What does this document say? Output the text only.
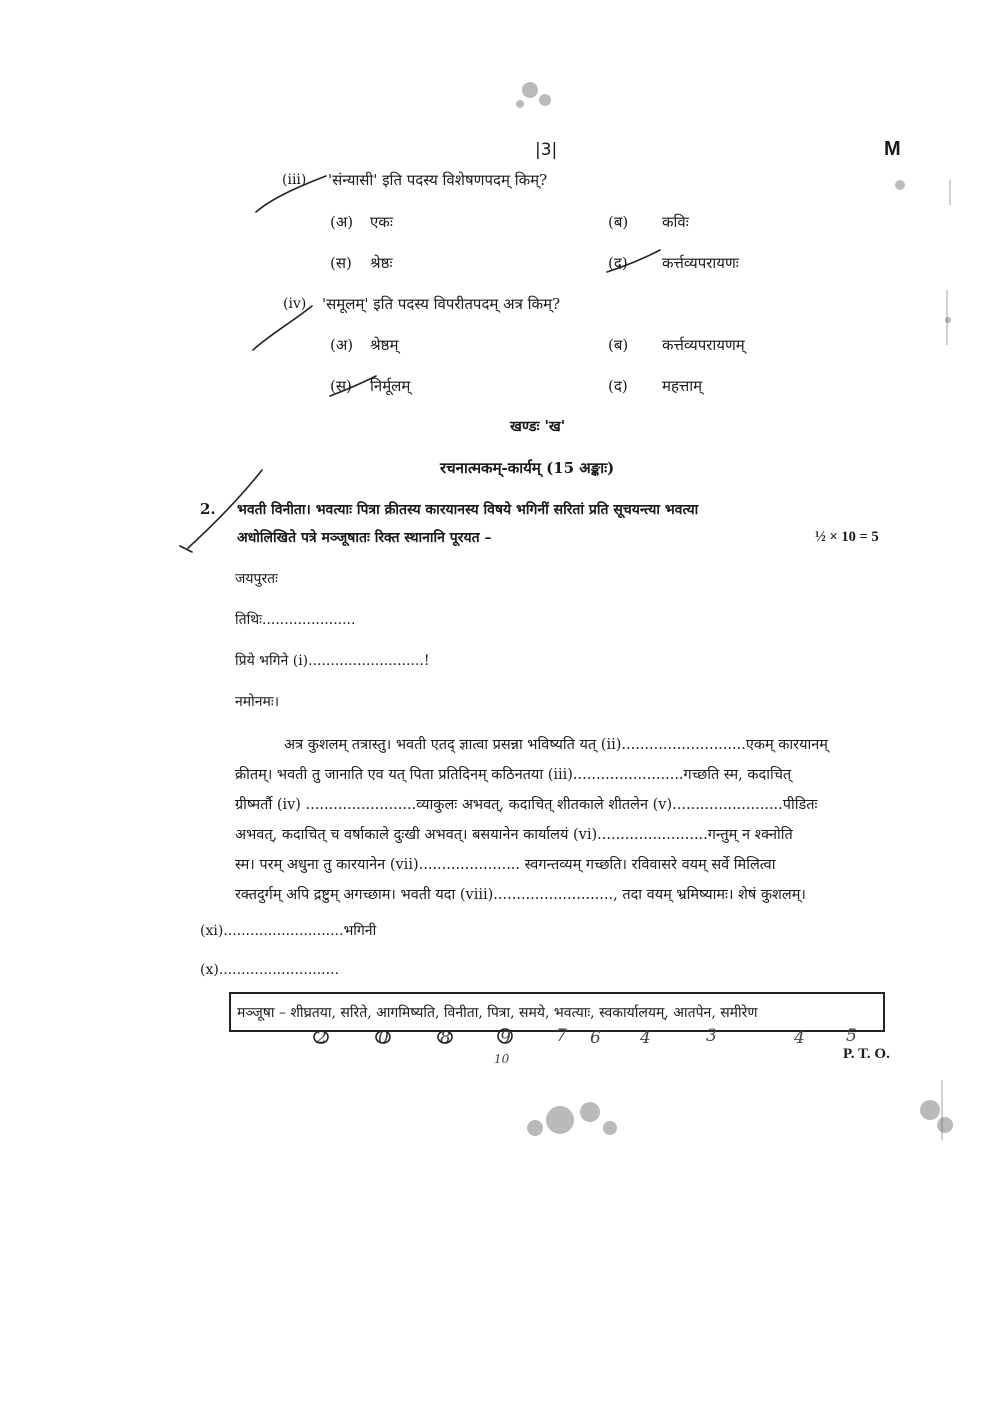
|3|	M
(iii) 'संन्यासी' इति पदस्य विशेषणपदम् किम्?
(अ) एकः	(ब) कविः
(स) श्रेष्ठः	(द) कर्त्तव्यपरायणः
(iv) 'समूलम्' इति पदस्य विपरीतपदम् अत्र किम्?
(अ) श्रेष्ठम्	(ब) कर्त्तव्यपरायणम्
(स) निर्मूलम्	(द) महत्ताम्
खण्डः 'ख'
रचनात्मकम्-कार्यम् (15 अङ्काः)
2. भवती विनीता। भवत्याः पित्रा क्रीतस्य कारयानस्य विषये भगिनीं सरितां प्रति सूचयन्त्या भवत्या
अधोलिखिते पत्रे मञ्जूषातः रिक्त स्थानानि पूरयत –	½ × 10 = 5
जयपुरतः
तिथिः.....................
प्रिये भगिने (i)..........................!
नमोनमः।
अत्र कुशलम् तत्रास्तु। भवती एतद् ज्ञात्वा प्रसन्ना भविष्यति यत् (ii)...........................एकम् कारयानम्
क्रीतम्। भवती तु जानाति एव यत् पिता प्रतिदिनम् कठिनतया (iii)........................गच्छति स्म, कदाचित्
ग्रीष्मर्तौ (iv) ........................व्याकुलः अभवत्, कदाचित् शीतकाले शीतलेन (v)........................पीडितः
अभवत्, कदाचित् च वर्षाकाले दुःखी अभवत्। बसयानेन कार्यालयं (vi)........................गन्तुम् न श्क्नोति
स्म। परम् अधुना तु कारयानेन (vii)...................... स्वगन्तव्यम् गच्छति। रविवासरे वयम् सर्वे मिलित्वा
रक्तदुर्गम् अपि द्रष्टुम् अगच्छाम। भवती यदा (viii).........................., तदा वयम् भ्रमिष्यामः। शेषं कुशलम्।
(xi)...........................भगिनी
(x)...........................
मञ्जूषा – शीघ्रतया, सरिते, आगमिष्यति, विनीता, पित्रा, समये, भवत्याः, स्वकार्यालयम्, आतपेन, समीरेण
2	0	8	9	7 6 4	3	4 5
10	P. T. O.
